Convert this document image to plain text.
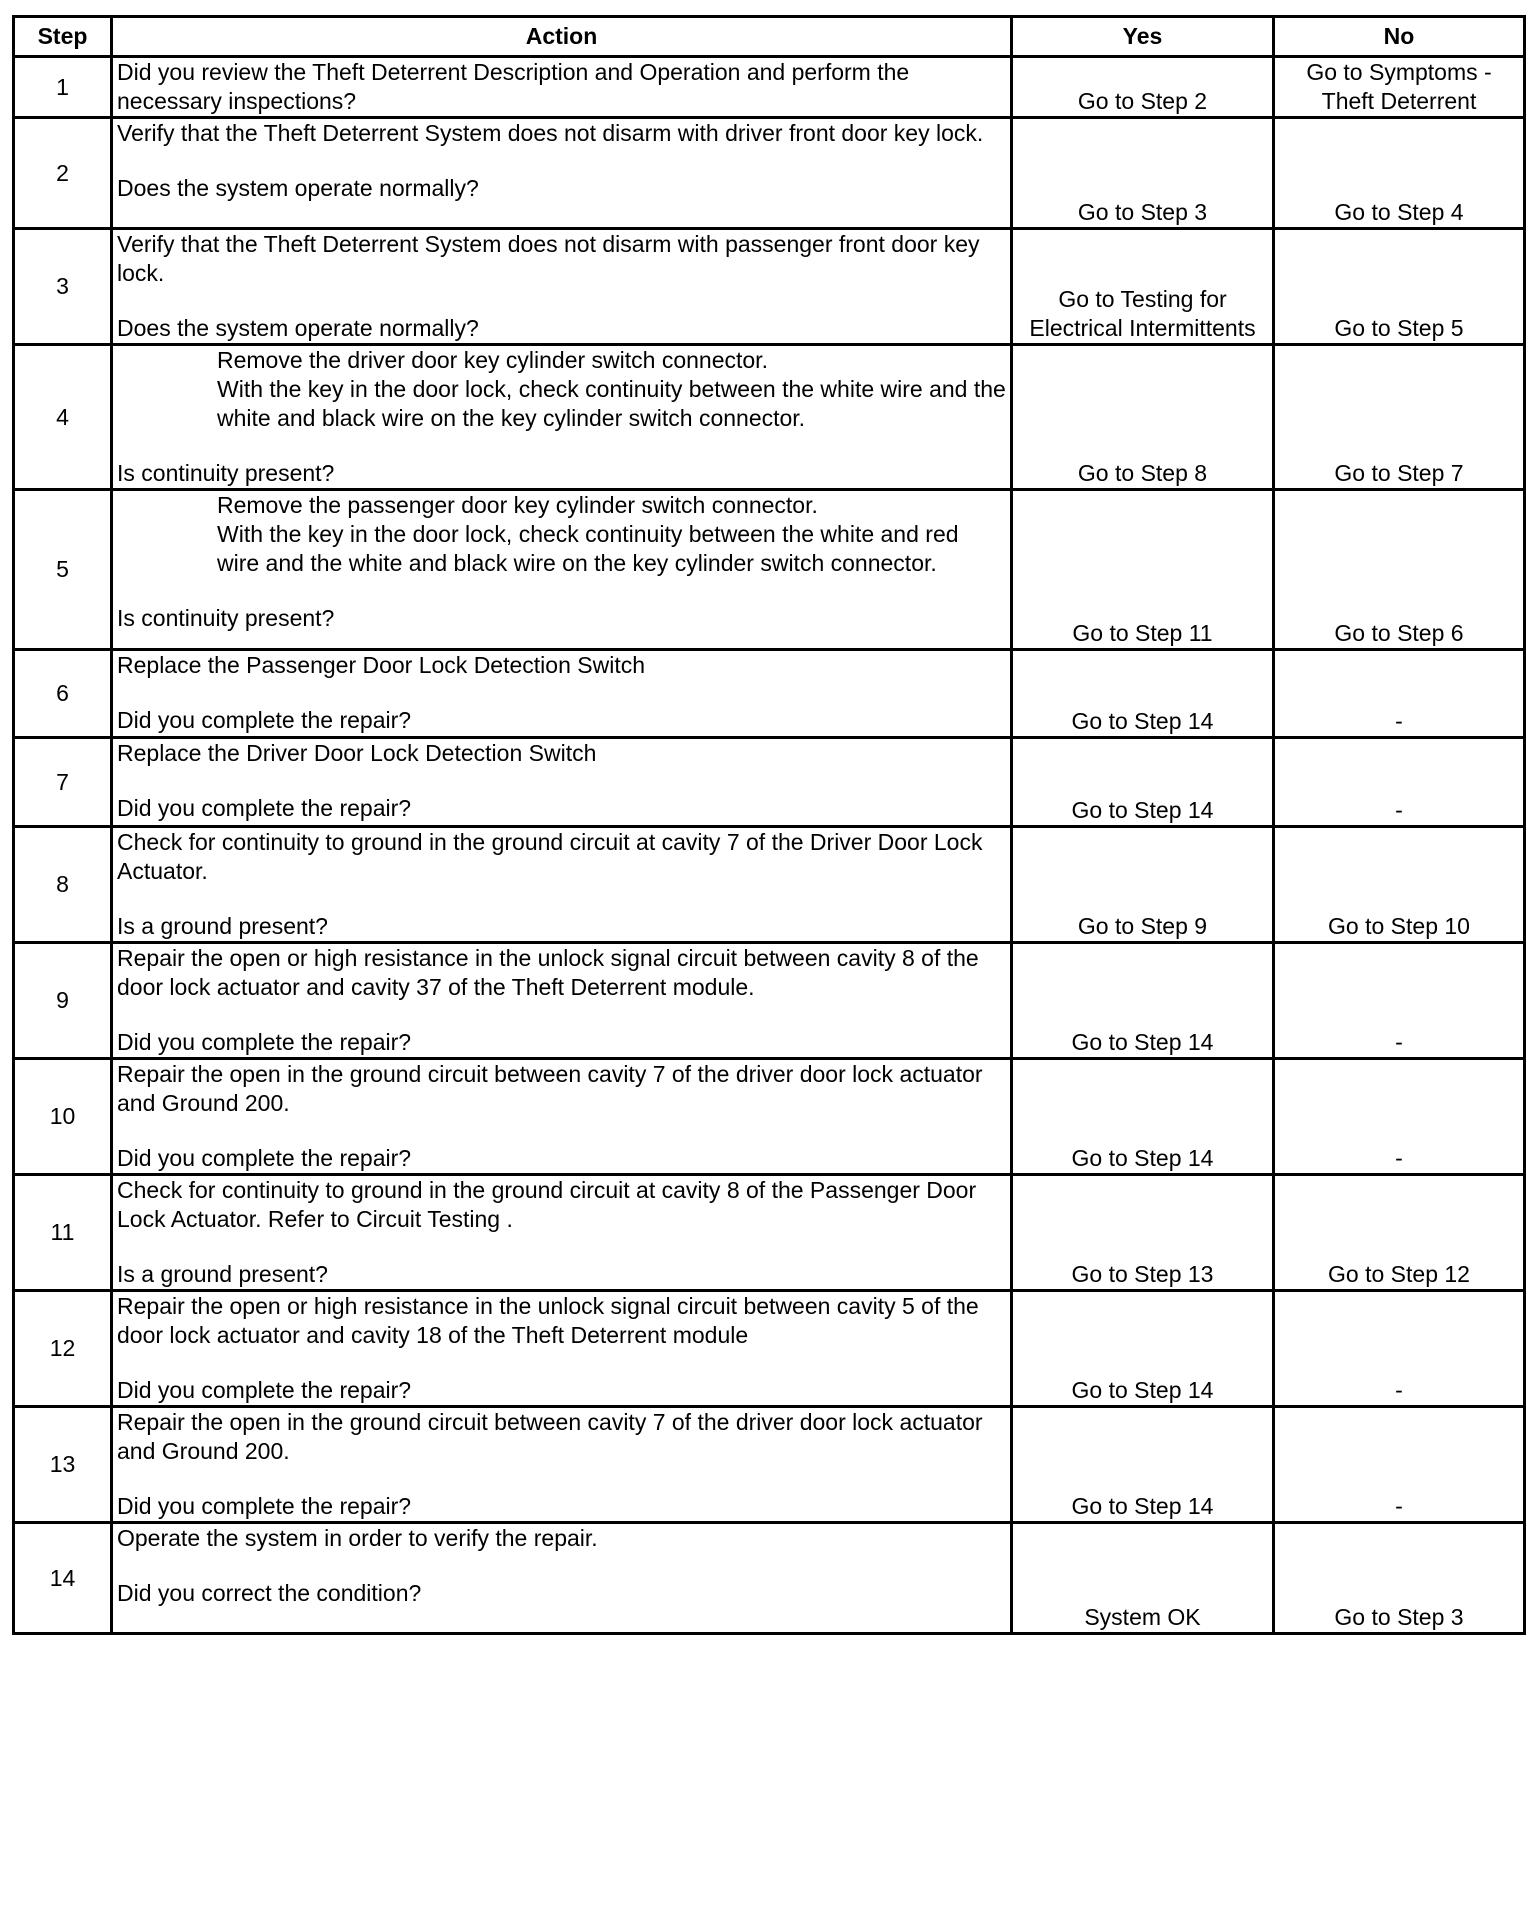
Step	Action	Yes	No
1	Did you review the Theft Deterrent Description and Operation and perform the necessary inspections?	Go to Step 2	Go to Symptoms - Theft Deterrent
2	Verify that the Theft Deterrent System does not disarm with driver front door key lock.

Does the system operate normally?	Go to Step 3	Go to Step 4
3	Verify that the Theft Deterrent System does not disarm with passenger front door key lock.

Does the system operate normally?	Go to Testing for Electrical Intermittents	Go to Step 5
4	Remove the driver door key cylinder switch connector.

With the key in the door lock, check continuity between the white wire and the white and black wire on the key cylinder switch connector.

Is continuity present?	Go to Step 8	Go to Step 7
5	Remove the passenger door key cylinder switch connector.

With the key in the door lock, check continuity between the white and red wire and the white and black wire on the key cylinder switch connector.

Is continuity present?	Go to Step 11	Go to Step 6
6	Replace the Passenger Door Lock Detection Switch

Did you complete the repair?	Go to Step 14	-
7	Replace the Driver Door Lock Detection Switch

Did you complete the repair?	Go to Step 14	-
8	Check for continuity to ground in the ground circuit at cavity 7 of the Driver Door Lock Actuator.

Is a ground present?	Go to Step 9	Go to Step 10
9	Repair the open or high resistance in the unlock signal circuit between cavity 8 of the door lock actuator and cavity 37 of the Theft Deterrent module.

Did you complete the repair?	Go to Step 14	-
10	Repair the open in the ground circuit between cavity 7 of the driver door lock actuator and Ground 200.

Did you complete the repair?	Go to Step 14	-
11	Check for continuity to ground in the ground circuit at cavity 8 of the Passenger Door Lock Actuator. Refer to Circuit Testing .

Is a ground present?	Go to Step 13	Go to Step 12
12	Repair the open or high resistance in the unlock signal circuit between cavity 5 of the door lock actuator and cavity 18 of the Theft Deterrent module

Did you complete the repair?	Go to Step 14	-
13	Repair the open in the ground circuit between cavity 7 of the driver door lock actuator and Ground 200.

Did you complete the repair?	Go to Step 14	-
14	Operate the system in order to verify the repair.

Did you correct the condition?	System OK	Go to Step 3
